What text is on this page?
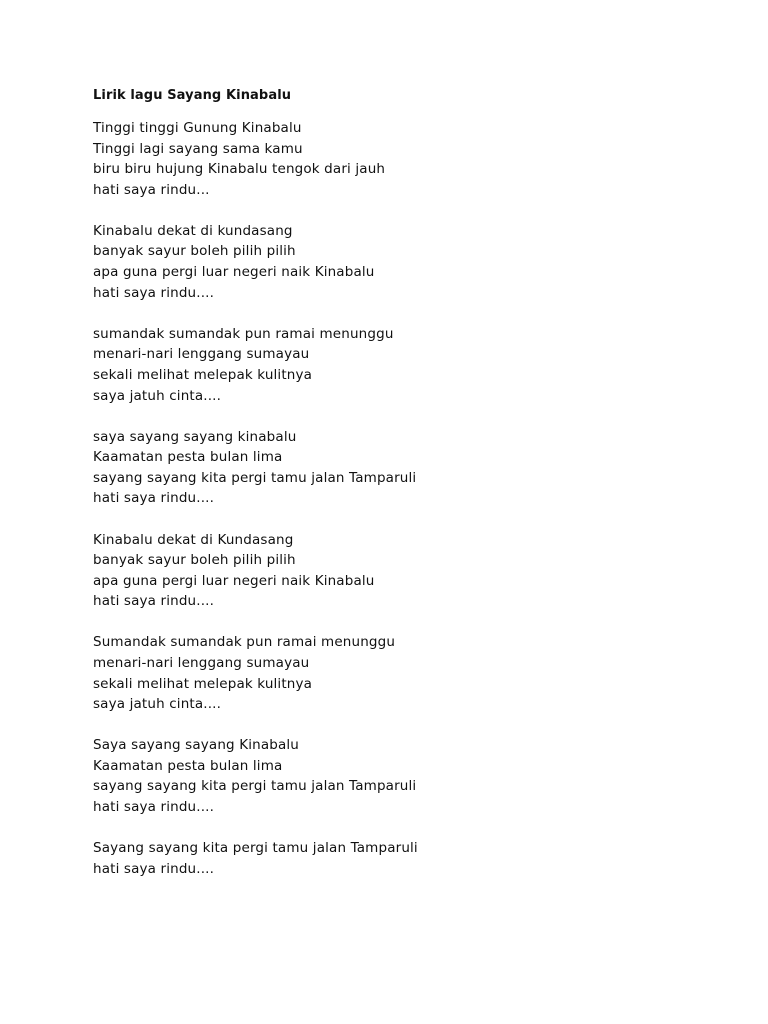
Lirik lagu Sayang Kinabalu
Tinggi tinggi Gunung Kinabalu
Tinggi lagi sayang sama kamu
biru biru hujung Kinabalu tengok dari jauh
hati saya rindu...
Kinabalu dekat di kundasang
banyak sayur boleh pilih pilih
apa guna pergi luar negeri naik Kinabalu
hati saya rindu....
sumandak sumandak pun ramai menunggu
menari-nari lenggang sumayau
sekali melihat melepak kulitnya
saya jatuh cinta....
saya sayang sayang kinabalu
Kaamatan pesta bulan lima
sayang sayang kita pergi tamu jalan Tamparuli
hati saya rindu....
Kinabalu dekat di Kundasang
banyak sayur boleh pilih pilih
apa guna pergi luar negeri naik Kinabalu
hati saya rindu....
Sumandak sumandak pun ramai menunggu
menari-nari lenggang sumayau
sekali melihat melepak kulitnya
saya jatuh cinta....
Saya sayang sayang Kinabalu
Kaamatan pesta bulan lima
sayang sayang kita pergi tamu jalan Tamparuli
hati saya rindu....
Sayang sayang kita pergi tamu jalan Tamparuli
hati saya rindu....
